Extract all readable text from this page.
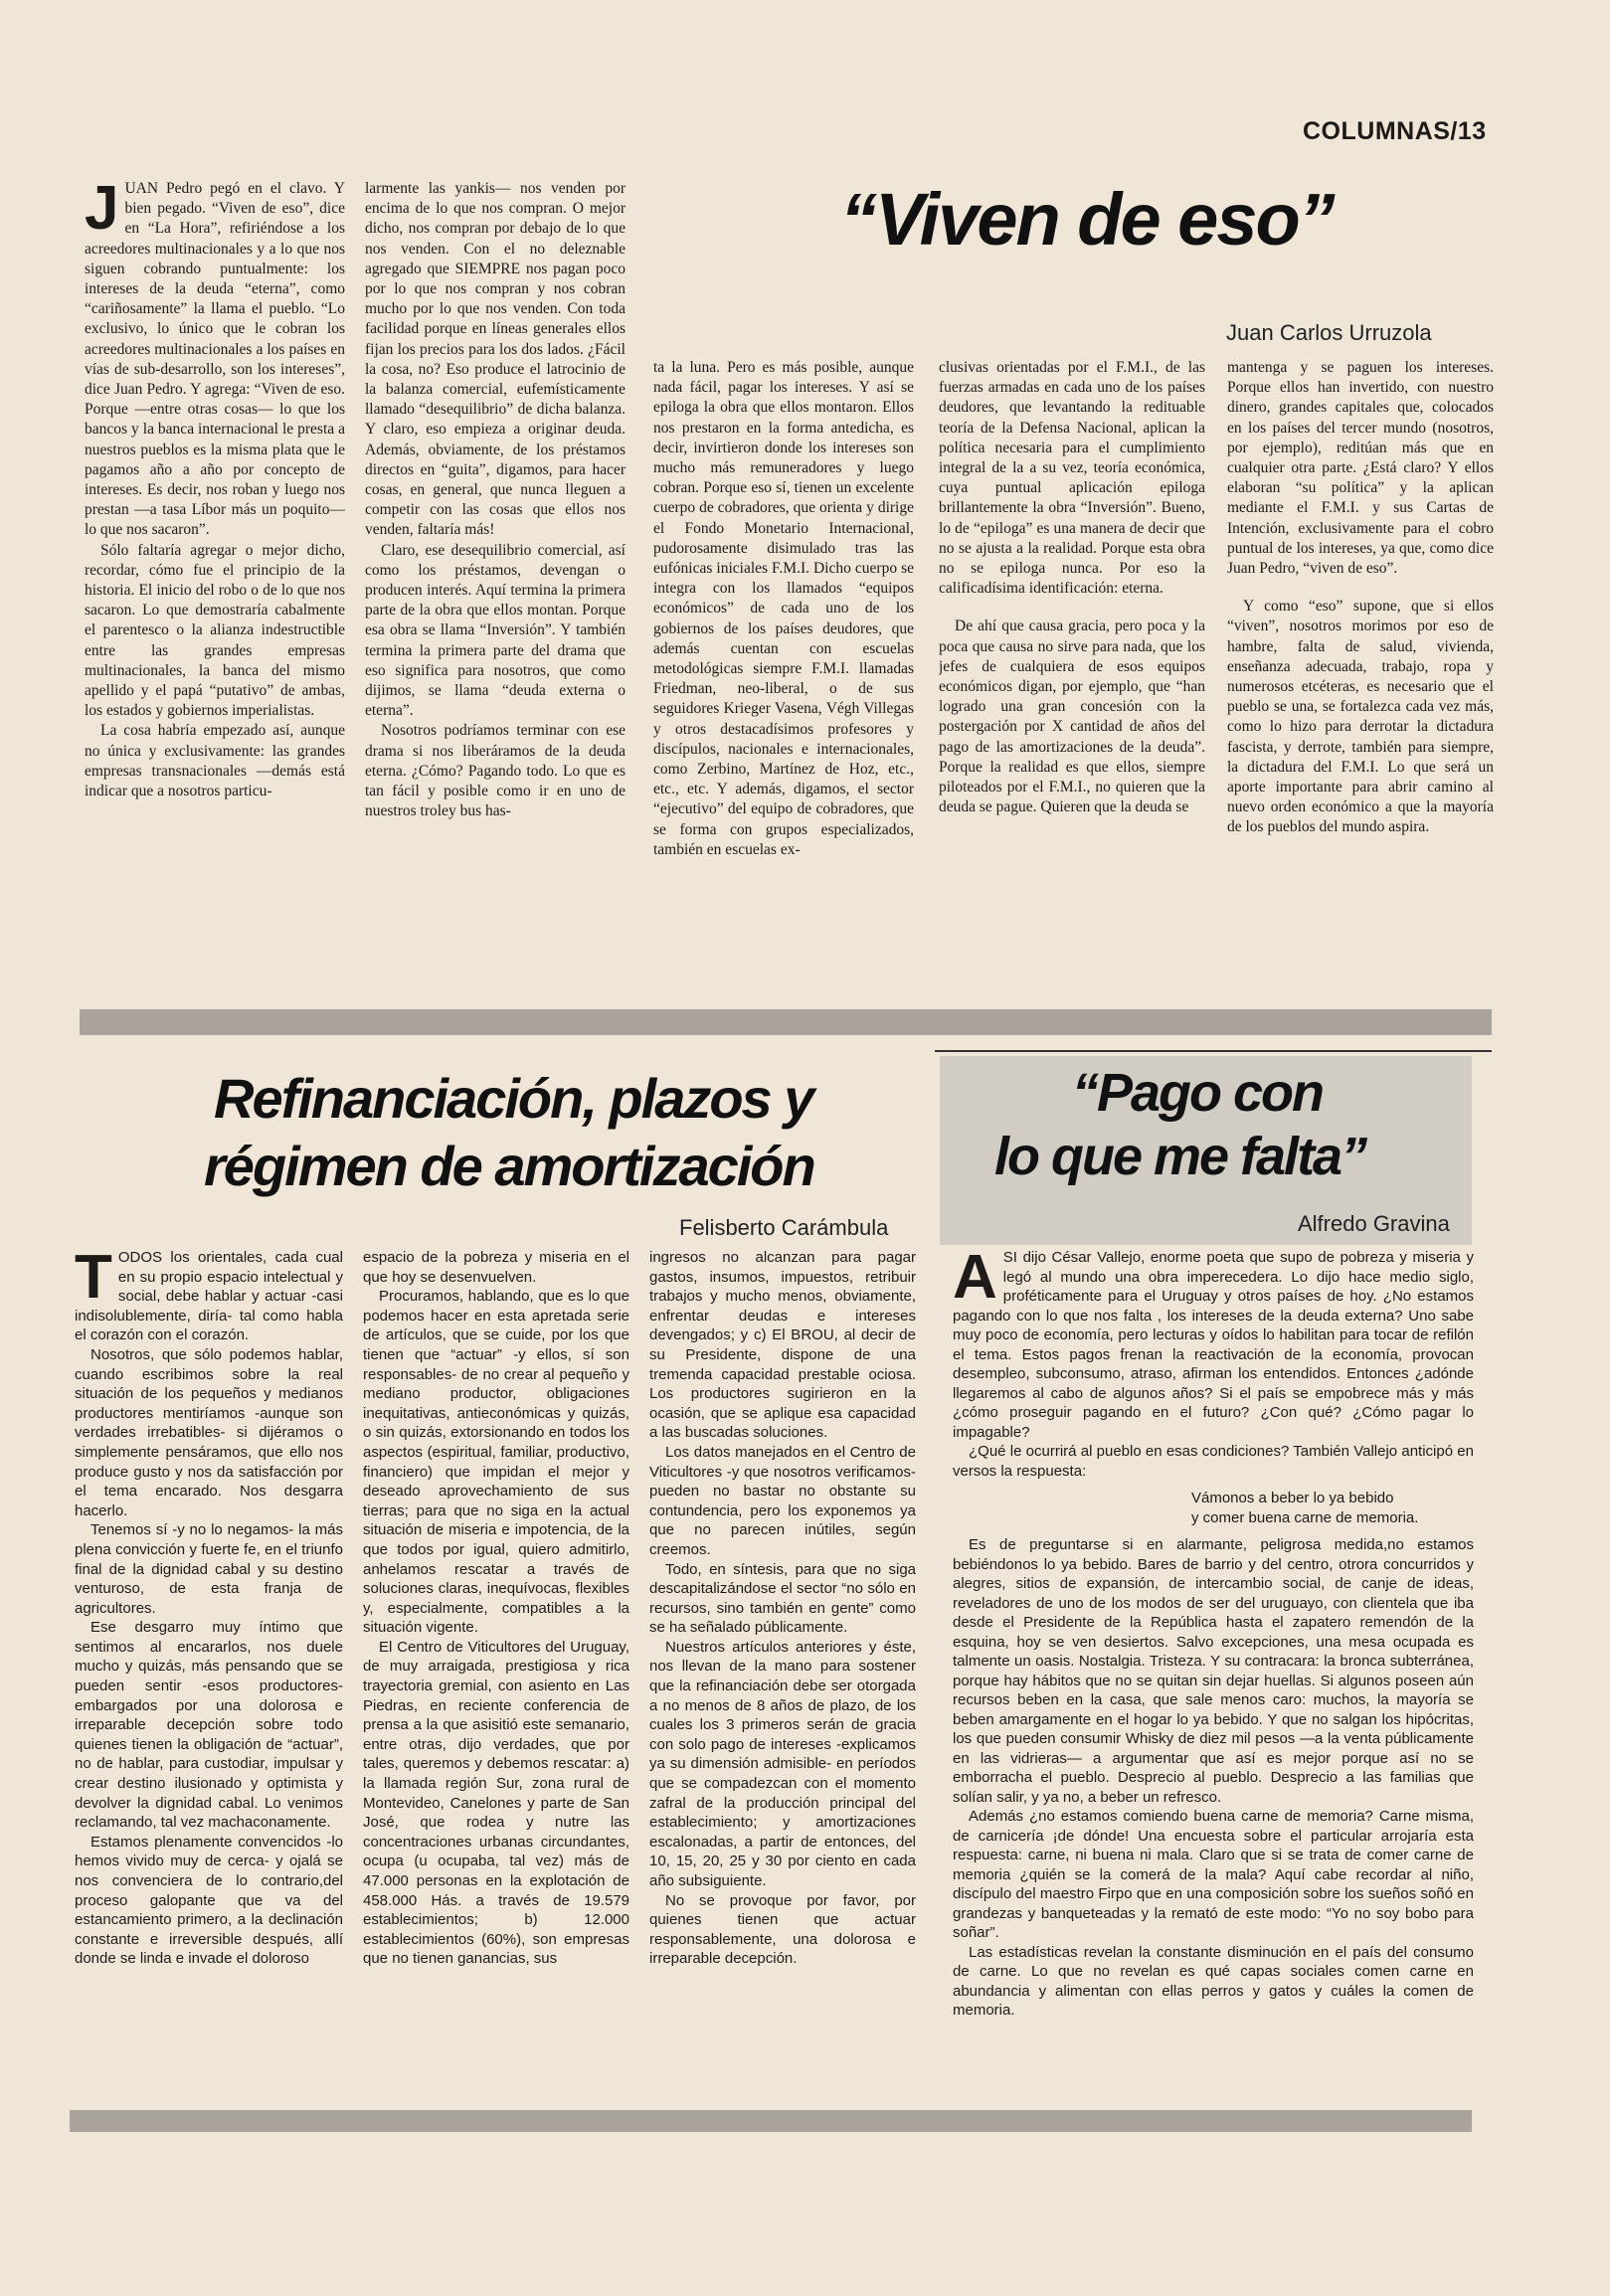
COLUMNAS/13
“Viven de eso”
Juan Carlos Urruzola
J UAN Pedro pegó en el clavo. Y bien pegado. “Viven de eso”, dice en “La Hora”, refiriéndose a los acreedores multinacionales y a lo que nos siguen cobrando puntualmente: los intereses de la deuda “eterna”, como “cariñosamente” la llama el pueblo. “Lo exclusivo, lo único que le cobran los acreedores multinacionales a los países en vías de sub-desarrollo, son los intereses”, dice Juan Pedro. Y agrega: “Viven de eso. Porque —entre otras cosas— lo que los bancos y la banca internacional le presta a nuestros pueblos es la misma plata que le pagamos año a año por concepto de intereses. Es decir, nos roban y luego nos prestan —a tasa Líbor más un poquito— lo que nos sacaron”.

Sólo faltaría agregar o mejor dicho, recordar, cómo fue el principio de la historia. El inicio del robo o de lo que nos sacaron. Lo que demostraría cabalmente el parentesco o la alianza indestructible entre las grandes empresas multinacionales, la banca del mismo apellido y el papá “putativo” de ambas, los estados y gobiernos imperialistas.

La cosa habría empezado así, aunque no única y exclusivamente: las grandes empresas transnacionales —demás está indicar que a nosotros particu-

larmente las yankis— nos venden por encima de lo que nos compran. O mejor dicho, nos compran por debajo de lo que nos venden. Con el no deleznable agregado que SIEMPRE nos pagan poco por lo que nos compran y nos cobran mucho por lo que nos venden. Con toda facilidad porque en líneas generales ellos fijan los precios para los dos lados. ¿Fácil la cosa, no? Eso produce el latrocinio de la balanza comercial, eufemísticamente llamado “desequilibrio” de dicha balanza. Y claro, eso empieza a originar deuda. Además, obviamente, de los préstamos directos en “guita”, digamos, para hacer cosas, en general, que nunca lleguen a competir con las cosas que ellos nos venden, faltaría más!

Claro, ese desequilibrio comercial, así como los préstamos, devengan o producen interés. Aquí termina la primera parte de la obra que ellos montan. Porque esa obra se llama “Inversión”. Y también termina la primera parte del drama que eso significa para nosotros, que como dijimos, se llama “deuda externa o eterna”.

Nosotros podríamos terminar con ese drama si nos liberáramos de la deuda eterna. ¿Cómo? Pagando todo. Lo que es tan fácil y posible como ir en uno de nuestros troley bus has-

ta la luna. Pero es más posible, aunque nada fácil, pagar los intereses. Y así se epiloga la obra que ellos montaron. Ellos nos prestaron en la forma antedicha, es decir, invirtieron donde los intereses son mucho más remuneradores y luego cobran. Porque eso sí, tienen un excelente cuerpo de cobradores, que orienta y dirige el Fondo Monetario Internacional, pudorosamente disimulado tras las eufónicas iniciales F.M.I. Dicho cuerpo se integra con los llamados “equipos económicos” de cada uno de los gobiernos de los países deudores, que además cuentan con escuelas metodológicas siempre F.M.I. llamadas Friedman, neo-liberal, o de sus seguidores Krieger Vasena, Végh Villegas y otros destacadísimos profesores y discípulos, nacionales e internacionales, como Zerbino, Martínez de Hoz, etc., etc., etc. Y además, digamos, el sector “ejecutivo” del equipo de cobradores, que se forma con grupos especializados, también en escuelas ex-

clusivas orientadas por el F.M.I., de las fuerzas armadas en cada uno de los países deudores, que levantando la redituable teoría de la Defensa Nacional, aplican la política necesaria para el cumplimiento integral de la a su vez, teoría económica, cuya puntual aplicación epiloga brillantemente la obra “Inversión”. Bueno, lo de “epiloga” es una manera de decir que no se ajusta a la realidad. Porque esta obra no se epiloga nunca. Por eso la calificadísima identificación: eterna.

De ahí que causa gracia, pero poca y la poca que causa no sirve para nada, que los jefes de cualquiera de esos equipos económicos digan, por ejemplo, que “han logrado una gran concesión con la postergación por X cantidad de años del pago de las amortizaciones de la deuda”. Porque la realidad es que ellos, siempre piloteados por el F.M.I., no quieren que la deuda se pague. Quieren que la deuda se

mantenga y se paguen los intereses. Porque ellos han invertido, con nuestro dinero, grandes capitales que, colocados en los países del tercer mundo (nosotros, por ejemplo), reditúan más que en cualquier otra parte. ¿Está claro? Y ellos elaboran “su política” y la aplican mediante el F.M.I. y sus Cartas de Intención, exclusivamente para el cobro puntual de los intereses, ya que, como dice Juan Pedro, “viven de eso”.

Y como “eso” supone, que si ellos “viven”, nosotros morimos por eso de hambre, falta de salud, vivienda, enseñanza adecuada, trabajo, ropa y numerosos etcéteras, es necesario que el pueblo se una, se fortalezca cada vez más, como lo hizo para derrotar la dictadura fascista, y derrote, también para siempre, la dictadura del F.M.I. Lo que será un aporte importante para abrir camino al nuevo orden económico a que la mayoría de los pueblos del mundo aspira.

Refinanciación, plazos y
régimen de amortización
Felisberto Carámbula
T ODOS los orientales, cada cual en su propio espacio intelectual y social, debe hablar y actuar -casi indisolublemente, diría- tal como habla el corazón con el corazón.

Nosotros, que sólo podemos hablar, cuando escribimos sobre la real situación de los pequeños y medianos productores mentiríamos -aunque son verdades irrebatibles- si dijéramos o simplemente pensáramos, que ello nos produce gusto y nos da satisfacción por el tema encarado. Nos desgarra hacerlo.

Tenemos sí -y no lo negamos- la más plena convicción y fuerte fe, en el triunfo final de la dignidad cabal y su destino venturoso, de esta franja de agricultores.

Ese desgarro muy íntimo que sentimos al encararlos, nos duele mucho y quizás, más pensando que se pueden sentir -esos productores- embargados por una dolorosa e irreparable decepción sobre todo quienes tienen la obligación de “actuar”, no de hablar, para custodiar, impulsar y crear destino ilusionado y optimista y devolver la dignidad cabal. Lo venimos reclamando, tal vez machaconamente.

Estamos plenamente convencidos -lo hemos vivido muy de cerca- y ojalá se nos convenciera de lo contrario,del proceso galopante que va del estancamiento primero, a la declinación constante e irreversible después, allí donde se linda e invade el doloroso

espacio de la pobreza y miseria en el que hoy se desenvuelven.

Procuramos, hablando, que es lo que podemos hacer en esta apretada serie de artículos, que se cuide, por los que tienen que “actuar” -y ellos, sí son responsables- de no crear al pequeño y mediano productor, obligaciones inequitativas, antieconómicas y quizás, o sin quizás, extorsionando en todos los aspectos (espiritual, familiar, productivo, financiero) que impidan el mejor y deseado aprovechamiento de sus tierras; para que no siga en la actual situación de miseria e impotencia, de la que todos por igual, quiero admitirlo, anhelamos rescatar a través de soluciones claras, inequívocas, flexibles y, especialmente, compatibles a la situación vigente.

El Centro de Viticultores del Uruguay, de muy arraigada, prestigiosa y rica trayectoria gremial, con asiento en Las Piedras, en reciente conferencia de prensa a la que asisitió este semanario, entre otras, dijo verdades, que por tales, queremos y debemos rescatar: a) la llamada región Sur, zona rural de Montevideo, Canelones y parte de San José, que rodea y nutre las concentraciones urbanas circundantes, ocupa (u ocupaba, tal vez) más de 47.000 personas en la explotación de 458.000 Hás. a través de 19.579 establecimientos; b) 12.000 establecimientos (60%), son empresas que no tienen ganancias, sus

ingresos no alcanzan para pagar gastos, insumos, impuestos, retribuir trabajos y mucho menos, obviamente, enfrentar deudas e intereses devengados; y c) El BROU, al decir de su Presidente, dispone de una tremenda capacidad prestable ociosa. Los productores sugirieron en la ocasión, que se aplique esa capacidad a las buscadas soluciones.

Los datos manejados en el Centro de Viticultores -y que nosotros verificamos- pueden no bastar no obstante su contundencia, pero los exponemos ya que no parecen inútiles, según creemos.

Todo, en síntesis, para que no siga descapitalizándose el sector “no sólo en recursos, sino también en gente” como se ha señalado públicamente.

Nuestros artículos anteriores y éste, nos llevan de la mano para sostener que la refinanciación debe ser otorgada a no menos de 8 años de plazo, de los cuales los 3 primeros serán de gracia con solo pago de intereses -explicamos ya su dimensión admisible- en períodos que se compadezcan con el momento zafral de la producción principal del establecimiento; y amortizaciones escalonadas, a partir de entonces, del 10, 15, 20, 25 y 30 por ciento en cada año subsiguiente.

No se provoque por favor, por quienes tienen que actuar responsablemente, una dolorosa e irreparable decepción.

“Pago con
lo que me falta”
Alfredo Gravina
A SI dijo César Vallejo, enorme poeta que supo de pobreza y miseria y legó al mundo una obra imperecedera. Lo dijo hace medio siglo, proféticamente para el Uruguay y otros países de hoy. ¿No estamos pagando con lo que nos falta , los intereses de la deuda externa? Uno sabe muy poco de economía, pero lecturas y oídos lo habilitan para tocar de refilón el tema. Estos pagos frenan la reactivación de la economía, provocan desempleo, subconsumo, atraso, afirman los entendidos. Entonces ¿adónde llegaremos al cabo de algunos años? Si el país se empobrece más y más ¿cómo proseguir pagando en el futuro? ¿Con qué? ¿Cómo pagar lo impagable?

¿Qué le ocurrirá al pueblo en esas condiciones? También Vallejo anticipó en versos la respuesta:

Vámonos a beber lo ya bebido

y comer buena carne de memoria.

Es de preguntarse si en alarmante, peligrosa medida,no estamos bebiéndonos lo ya bebido. Bares de barrio y del centro, otrora concurridos y alegres, sitios de expansión, de intercambio social, de canje de ideas, reveladores de uno de los modos de ser del uruguayo, con clientela que iba desde el Presidente de la República hasta el zapatero remendón de la esquina, hoy se ven desiertos. Salvo excepciones, una mesa ocupada es talmente un oasis. Nostalgia. Tristeza. Y su contracara: la bronca subterránea, porque hay hábitos que no se quitan sin dejar huellas. Si algunos poseen aún recursos beben en la casa, que sale menos caro: muchos, la mayoría se beben amargamente en el hogar lo ya bebido. Y que no salgan los hipócritas, los que pueden consumir Whisky de diez mil pesos —a la venta públicamente en las vidrieras— a argumentar que así es mejor porque así no se emborracha el pueblo. Desprecio al pueblo. Desprecio a las familias que solían salir, y ya no, a beber un refresco.

Además ¿no estamos comiendo buena carne de memoria? Carne misma, de carnicería ¡de dónde! Una encuesta sobre el particular arrojaría esta respuesta: carne, ni buena ni mala. Claro que si se trata de comer carne de memoria ¿quién se la comerá de la mala? Aquí cabe recordar al niño, discípulo del maestro Firpo que en una composición sobre los sueños soñó en grandezas y banqueteadas y la remató de este modo: “Yo no soy bobo para soñar”.

Las estadísticas revelan la constante disminución en el país del consumo de carne. Lo que no revelan es qué capas sociales comen carne en abundancia y alimentan con ellas perros y gatos y cuáles la comen de memoria.
